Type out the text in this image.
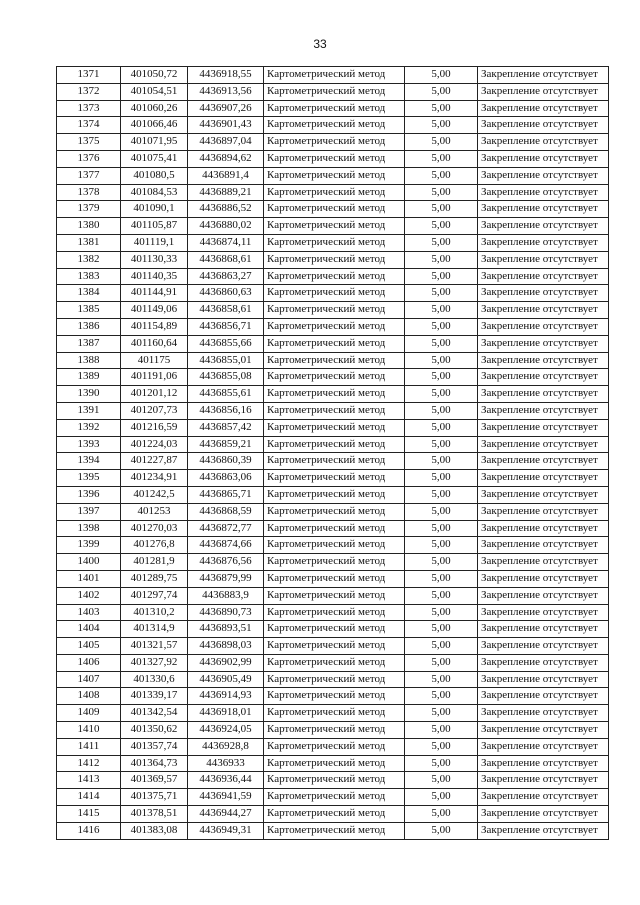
33
1371	401050,72	4436918,55	Картометрический метод	5,00	Закрепление отсутствует
1372	401054,51	4436913,56	Картометрический метод	5,00	Закрепление отсутствует
1373	401060,26	4436907,26	Картометрический метод	5,00	Закрепление отсутствует
1374	401066,46	4436901,43	Картометрический метод	5,00	Закрепление отсутствует
1375	401071,95	4436897,04	Картометрический метод	5,00	Закрепление отсутствует
1376	401075,41	4436894,62	Картометрический метод	5,00	Закрепление отсутствует
1377	401080,5	4436891,4	Картометрический метод	5,00	Закрепление отсутствует
1378	401084,53	4436889,21	Картометрический метод	5,00	Закрепление отсутствует
1379	401090,1	4436886,52	Картометрический метод	5,00	Закрепление отсутствует
1380	401105,87	4436880,02	Картометрический метод	5,00	Закрепление отсутствует
1381	401119,1	4436874,11	Картометрический метод	5,00	Закрепление отсутствует
1382	401130,33	4436868,61	Картометрический метод	5,00	Закрепление отсутствует
1383	401140,35	4436863,27	Картометрический метод	5,00	Закрепление отсутствует
1384	401144,91	4436860,63	Картометрический метод	5,00	Закрепление отсутствует
1385	401149,06	4436858,61	Картометрический метод	5,00	Закрепление отсутствует
1386	401154,89	4436856,71	Картометрический метод	5,00	Закрепление отсутствует
1387	401160,64	4436855,66	Картометрический метод	5,00	Закрепление отсутствует
1388	401175	4436855,01	Картометрический метод	5,00	Закрепление отсутствует
1389	401191,06	4436855,08	Картометрический метод	5,00	Закрепление отсутствует
1390	401201,12	4436855,61	Картометрический метод	5,00	Закрепление отсутствует
1391	401207,73	4436856,16	Картометрический метод	5,00	Закрепление отсутствует
1392	401216,59	4436857,42	Картометрический метод	5,00	Закрепление отсутствует
1393	401224,03	4436859,21	Картометрический метод	5,00	Закрепление отсутствует
1394	401227,87	4436860,39	Картометрический метод	5,00	Закрепление отсутствует
1395	401234,91	4436863,06	Картометрический метод	5,00	Закрепление отсутствует
1396	401242,5	4436865,71	Картометрический метод	5,00	Закрепление отсутствует
1397	401253	4436868,59	Картометрический метод	5,00	Закрепление отсутствует
1398	401270,03	4436872,77	Картометрический метод	5,00	Закрепление отсутствует
1399	401276,8	4436874,66	Картометрический метод	5,00	Закрепление отсутствует
1400	401281,9	4436876,56	Картометрический метод	5,00	Закрепление отсутствует
1401	401289,75	4436879,99	Картометрический метод	5,00	Закрепление отсутствует
1402	401297,74	4436883,9	Картометрический метод	5,00	Закрепление отсутствует
1403	401310,2	4436890,73	Картометрический метод	5,00	Закрепление отсутствует
1404	401314,9	4436893,51	Картометрический метод	5,00	Закрепление отсутствует
1405	401321,57	4436898,03	Картометрический метод	5,00	Закрепление отсутствует
1406	401327,92	4436902,99	Картометрический метод	5,00	Закрепление отсутствует
1407	401330,6	4436905,49	Картометрический метод	5,00	Закрепление отсутствует
1408	401339,17	4436914,93	Картометрический метод	5,00	Закрепление отсутствует
1409	401342,54	4436918,01	Картометрический метод	5,00	Закрепление отсутствует
1410	401350,62	4436924,05	Картометрический метод	5,00	Закрепление отсутствует
1411	401357,74	4436928,8	Картометрический метод	5,00	Закрепление отсутствует
1412	401364,73	4436933	Картометрический метод	5,00	Закрепление отсутствует
1413	401369,57	4436936,44	Картометрический метод	5,00	Закрепление отсутствует
1414	401375,71	4436941,59	Картометрический метод	5,00	Закрепление отсутствует
1415	401378,51	4436944,27	Картометрический метод	5,00	Закрепление отсутствует
1416	401383,08	4436949,31	Картометрический метод	5,00	Закрепление отсутствует
